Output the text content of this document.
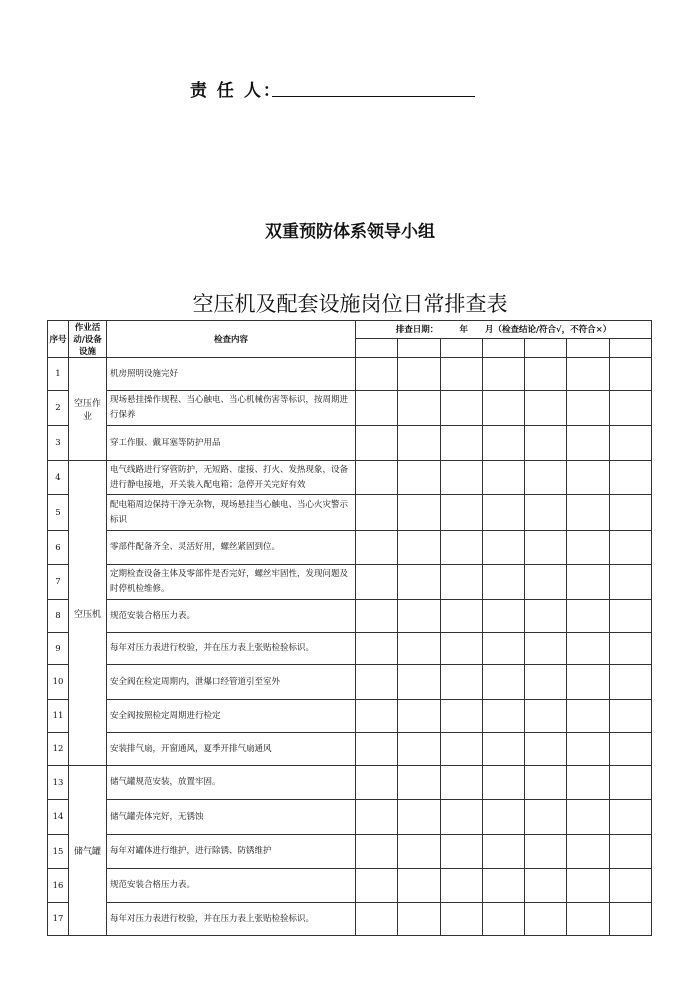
责 任 人：
双重预防体系领导小组
空压机及配套设施岗位日常排查表
序号	作业活动/设备设施	检查内容	排查日期：　　　年　　月（检查结论/符合√，不符合×）						

1	空压作业	机房照明设施完好							
2		现场悬挂操作规程、当心触电、当心机械伤害等标识，按周期进行保养							
3		穿工作服、戴耳塞等防护用品							
4	空压机	电气线路进行穿管防护，无短路、虚接、打火、发热现象，设备进行静电接地，开关装入配电箱；急停开关完好有效							
5		配电箱周边保持干净无杂物，现场悬挂当心触电、当心火灾警示标识							
6		零部件配备齐全、灵活好用，螺丝紧固到位。							
7		定期检查设备主体及零部件是否完好，螺丝牢固性，发现问题及时停机检维修。							
8		规范安装合格压力表。							
9		每年对压力表进行校验，并在压力表上张贴检验标识。							
10		安全阀在检定周期内，泄爆口经管道引至室外							
11		安全阀按照检定周期进行检定							
12		安装排气扇，开窗通风，夏季开排气扇通风							
13	储气罐	储气罐规范安装，放置牢固。							
14		储气罐壳体完好，无锈蚀							
15		每年对罐体进行维护，进行除锈、防锈维护							
16		规范安装合格压力表。							
17		每年对压力表进行校验，并在压力表上张贴检验标识。							
